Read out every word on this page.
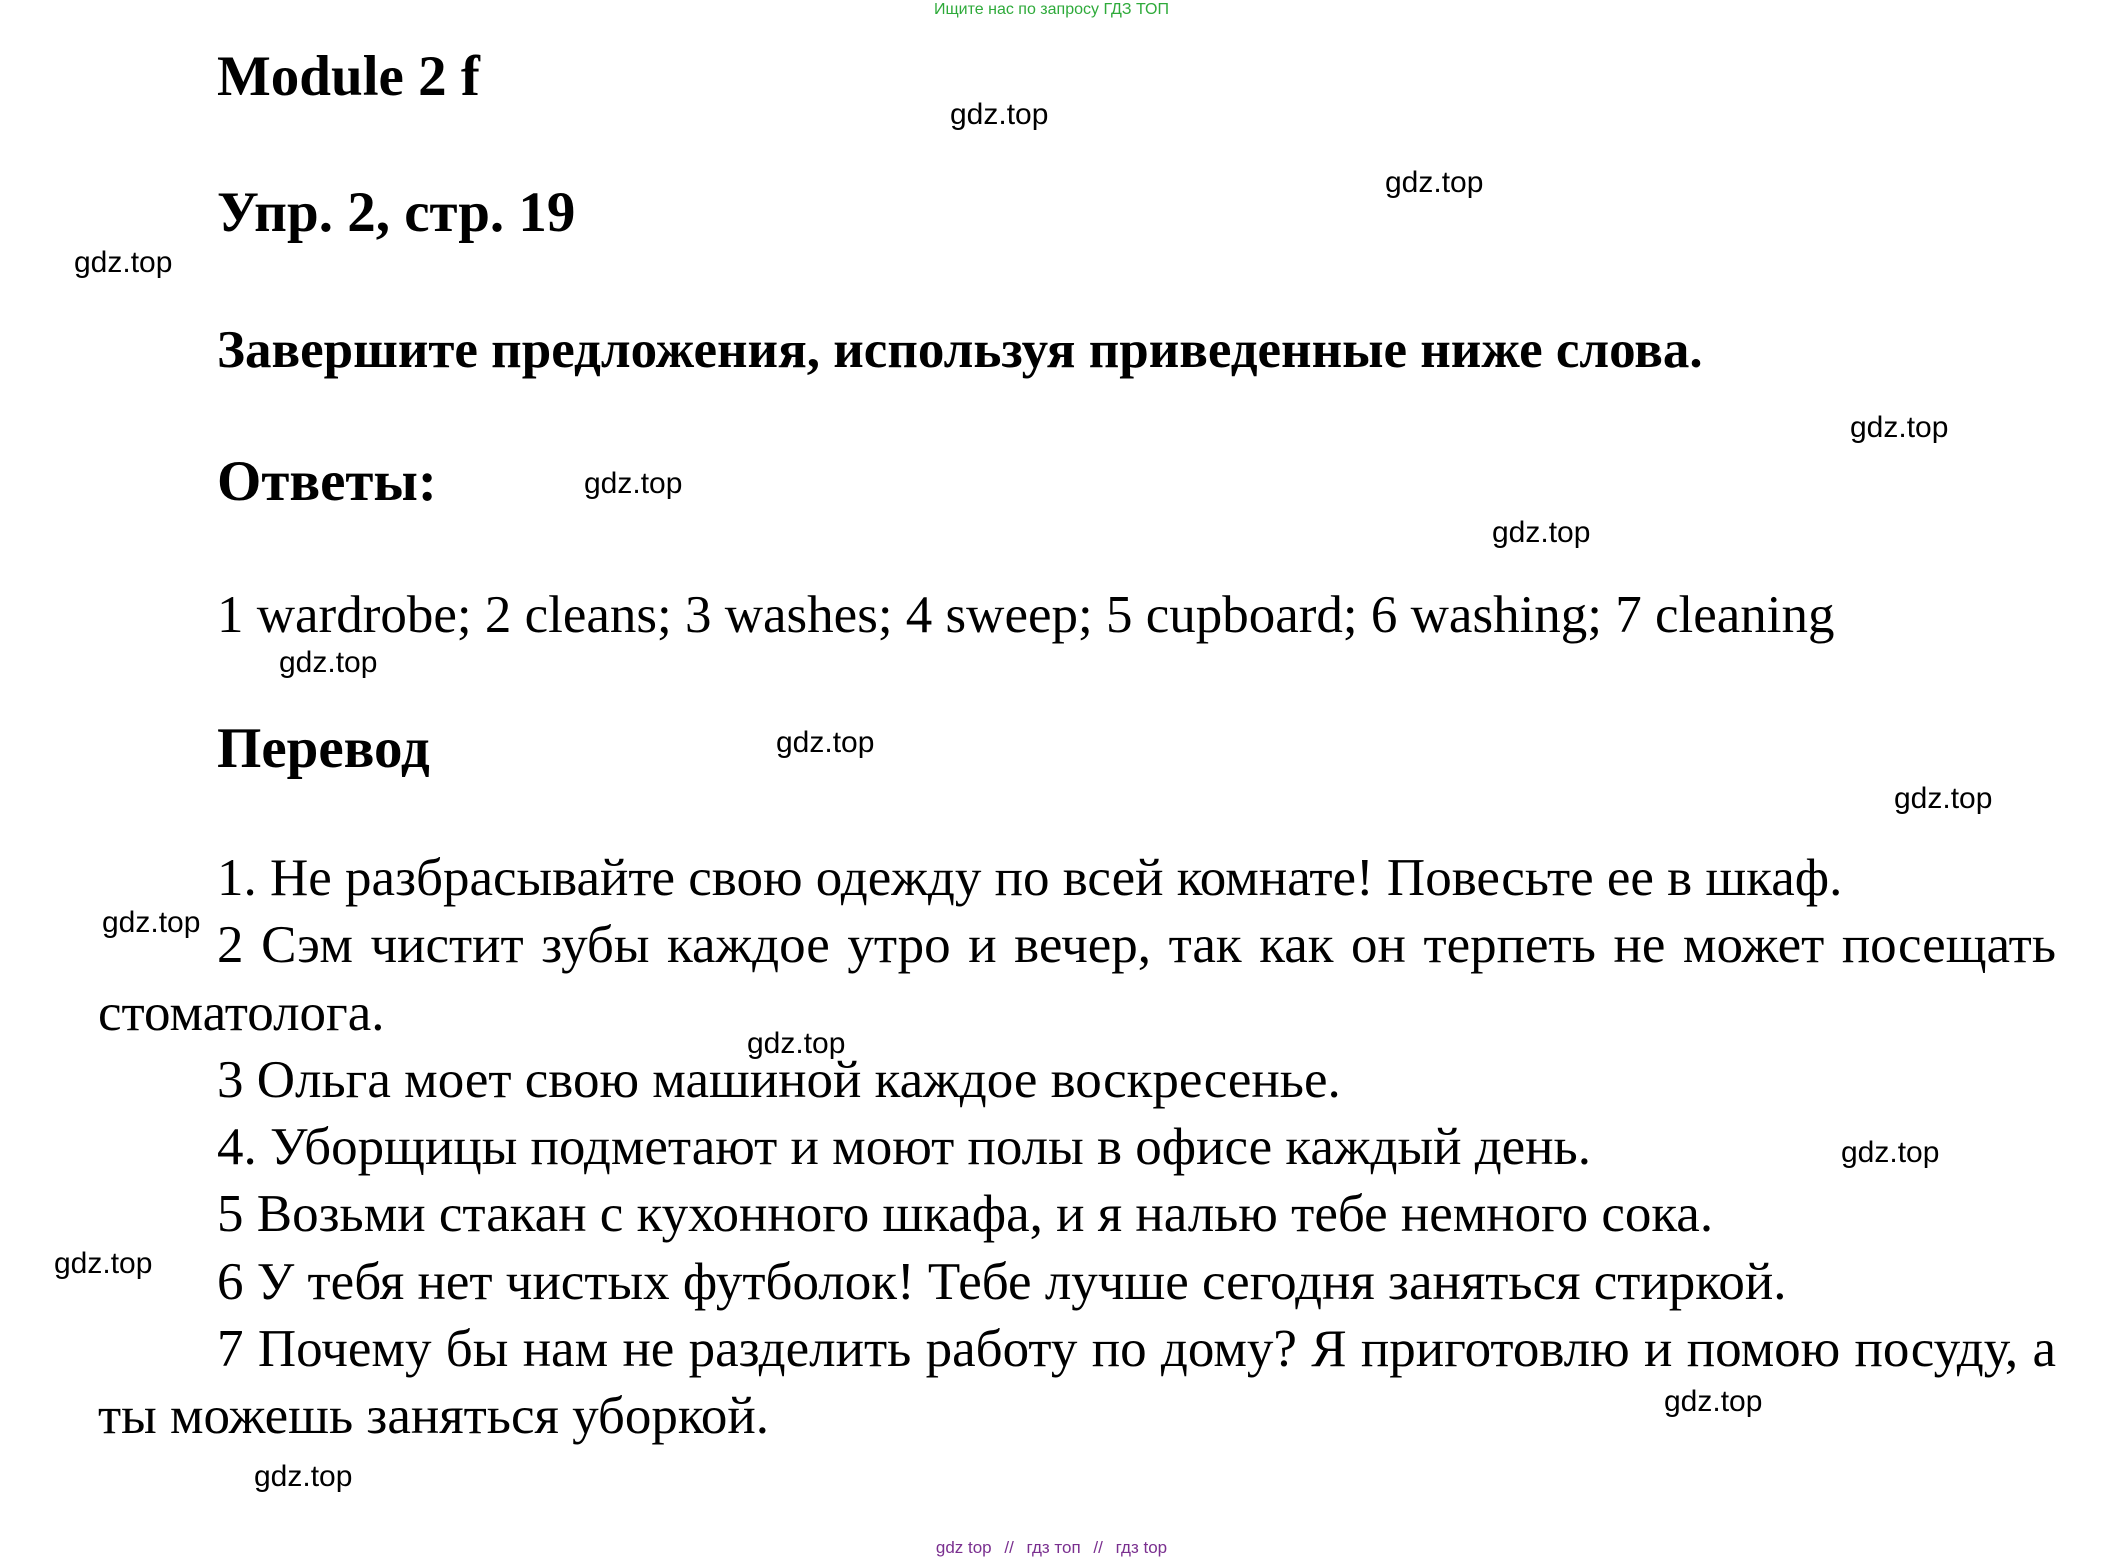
Ищите нас по запросу ГДЗ ТОП
Module 2 f
Упр. 2, стр. 19
Завершите предложения, используя приведенные ниже слова.
Ответы:
1 wardrobe; 2 cleans; 3 washes; 4 sweep; 5 cupboard; 6 washing; 7 cleaning
Перевод

1. Не разбрасывайте свою одежду по всей комнате! Повесьте ее в шкаф.

2 Сэм чистит зубы каждое утро и вечер, так как он терпеть не может посещать стоматолога.

3 Ольга моет свою машиной каждое воскресенье.

4. Уборщицы подметают и моют полы в офисе каждый день.

5 Возьми стакан с кухонного шкафа, и я налью тебе немного сока.

6 У тебя нет чистых футболок! Тебе лучше сегодня заняться стиркой.

7 Почему бы нам не разделить работу по дому? Я приготовлю и помою посуду, а ты можешь заняться уборкой.

gdz.top
gdz.top
gdz.top
gdz.top
gdz.top
gdz.top
gdz.top
gdz.top
gdz.top
gdz.top
gdz.top
gdz.top
gdz.top
gdz.top
gdz.top
gdz top // гдз топ // гдз top
